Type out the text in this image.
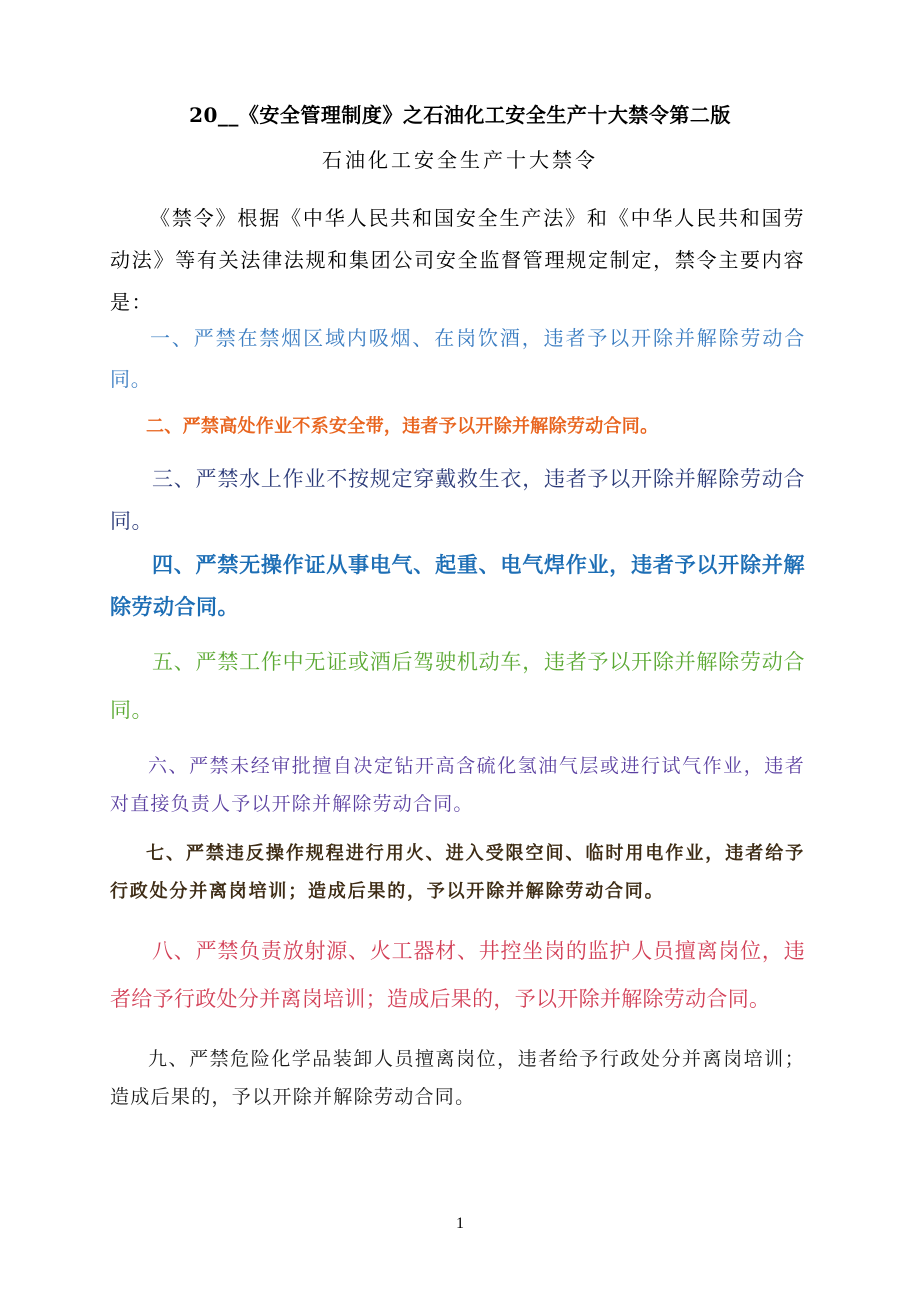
20__《安全管理制度》之石油化工安全生产十大禁令第二版
石油化工安全生产十大禁令

《禁令》根据《中华人民共和国安全生产法》和《中华人民共和国劳动法》等有关法律法规和集团公司安全监督管理规定制定，禁令主要内容是：

一、严禁在禁烟区域内吸烟、在岗饮酒，违者予以开除并解除劳动合同。

二、严禁高处作业不系安全带，违者予以开除并解除劳动合同。

三、严禁水上作业不按规定穿戴救生衣，违者予以开除并解除劳动合同。

四、严禁无操作证从事电气、起重、电气焊作业，违者予以开除并解除劳动合同。

五、严禁工作中无证或酒后驾驶机动车，违者予以开除并解除劳动合同。

六、严禁未经审批擅自决定钻开高含硫化氢油气层或进行试气作业，违者对直接负责人予以开除并解除劳动合同。

七、严禁违反操作规程进行用火、进入受限空间、临时用电作业，违者给予行政处分并离岗培训；造成后果的，予以开除并解除劳动合同。

八、严禁负责放射源、火工器材、井控坐岗的监护人员擅离岗位，违者给予行政处分并离岗培训；造成后果的，予以开除并解除劳动合同。

九、严禁危险化学品装卸人员擅离岗位，违者给予行政处分并离岗培训；造成后果的，予以开除并解除劳动合同。

1
